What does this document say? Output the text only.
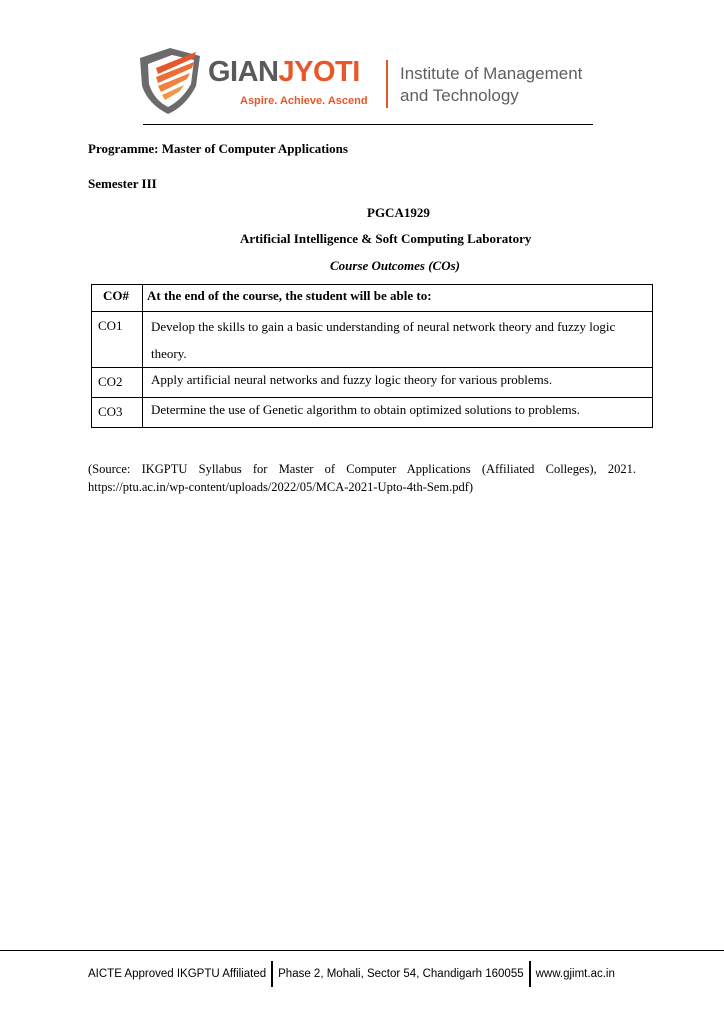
GIANJYOTI
Aspire. Achieve. Ascend
Institute of Management
and Technology
Programme: Master of Computer Applications
Semester III
PGCA1929
Artificial Intelligence & Soft Computing Laboratory
Course Outcomes (COs)
CO#	At the end of the course, the student will be able to:
CO1	Develop the skills to gain a basic understanding of neural network theory and fuzzy logic theory.
CO2	Apply artificial neural networks and fuzzy logic theory for various problems.
CO3	Determine the use of Genetic algorithm to obtain optimized solutions to problems.
(Source: IKGPTU Syllabus for Master of Computer Applications (Affiliated Colleges), 2021. https://ptu.ac.in/wp-content/uploads/2022/05/MCA-2021-Upto-4th-Sem.pdf)
AICTE Approved IKGPTU Affiliated Phase 2, Mohali, Sector 54, Chandigarh 160055 www.gjimt.ac.in
